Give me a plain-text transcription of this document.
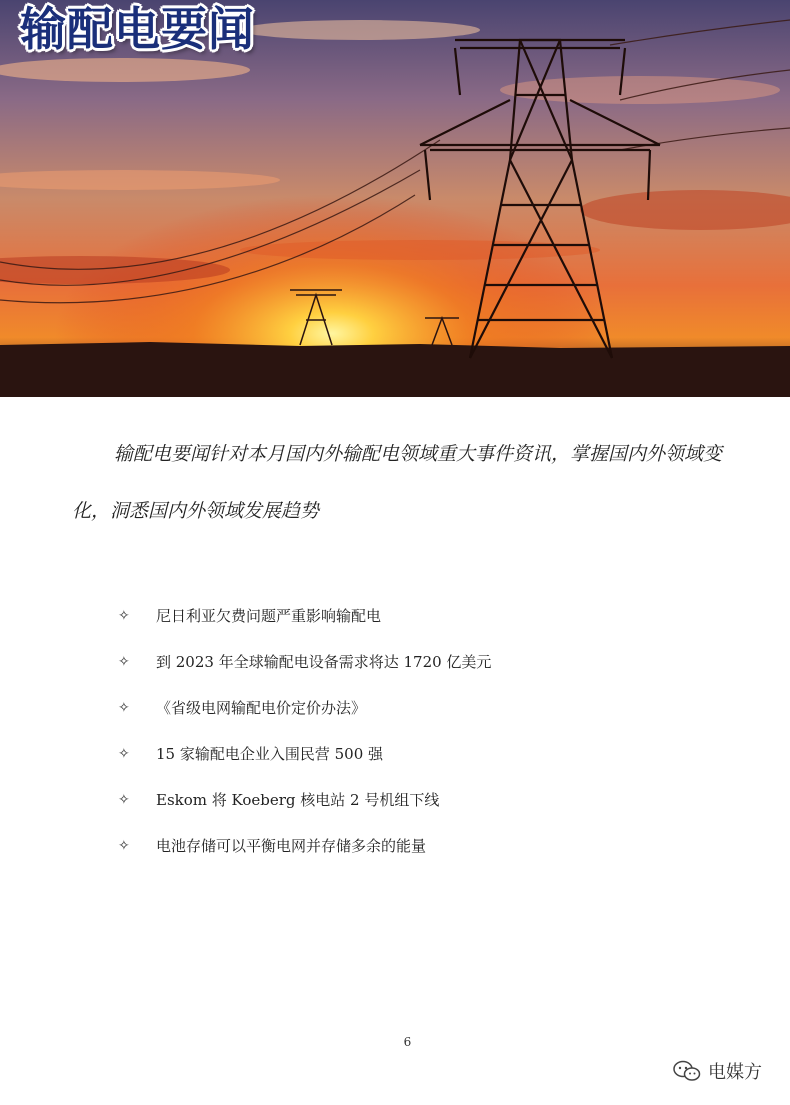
输配电要闻

输配电要闻针对本月国内外输配电领域重大事件资讯，掌握国内外领域变化，洞悉国内外领域发展趋势

✧	尼日利亚欠费问题严重影响输配电
✧	到 2023 年全球输配电设备需求将达 1720 亿美元
✧	《省级电网输配电价定价办法》
✧	15 家输配电企业入围民营 500 强
✧	Eskom 将 Koeberg 核电站 2 号机组下线
✧	电池存储可以平衡电网并存储多余的能量
6
电媒方
